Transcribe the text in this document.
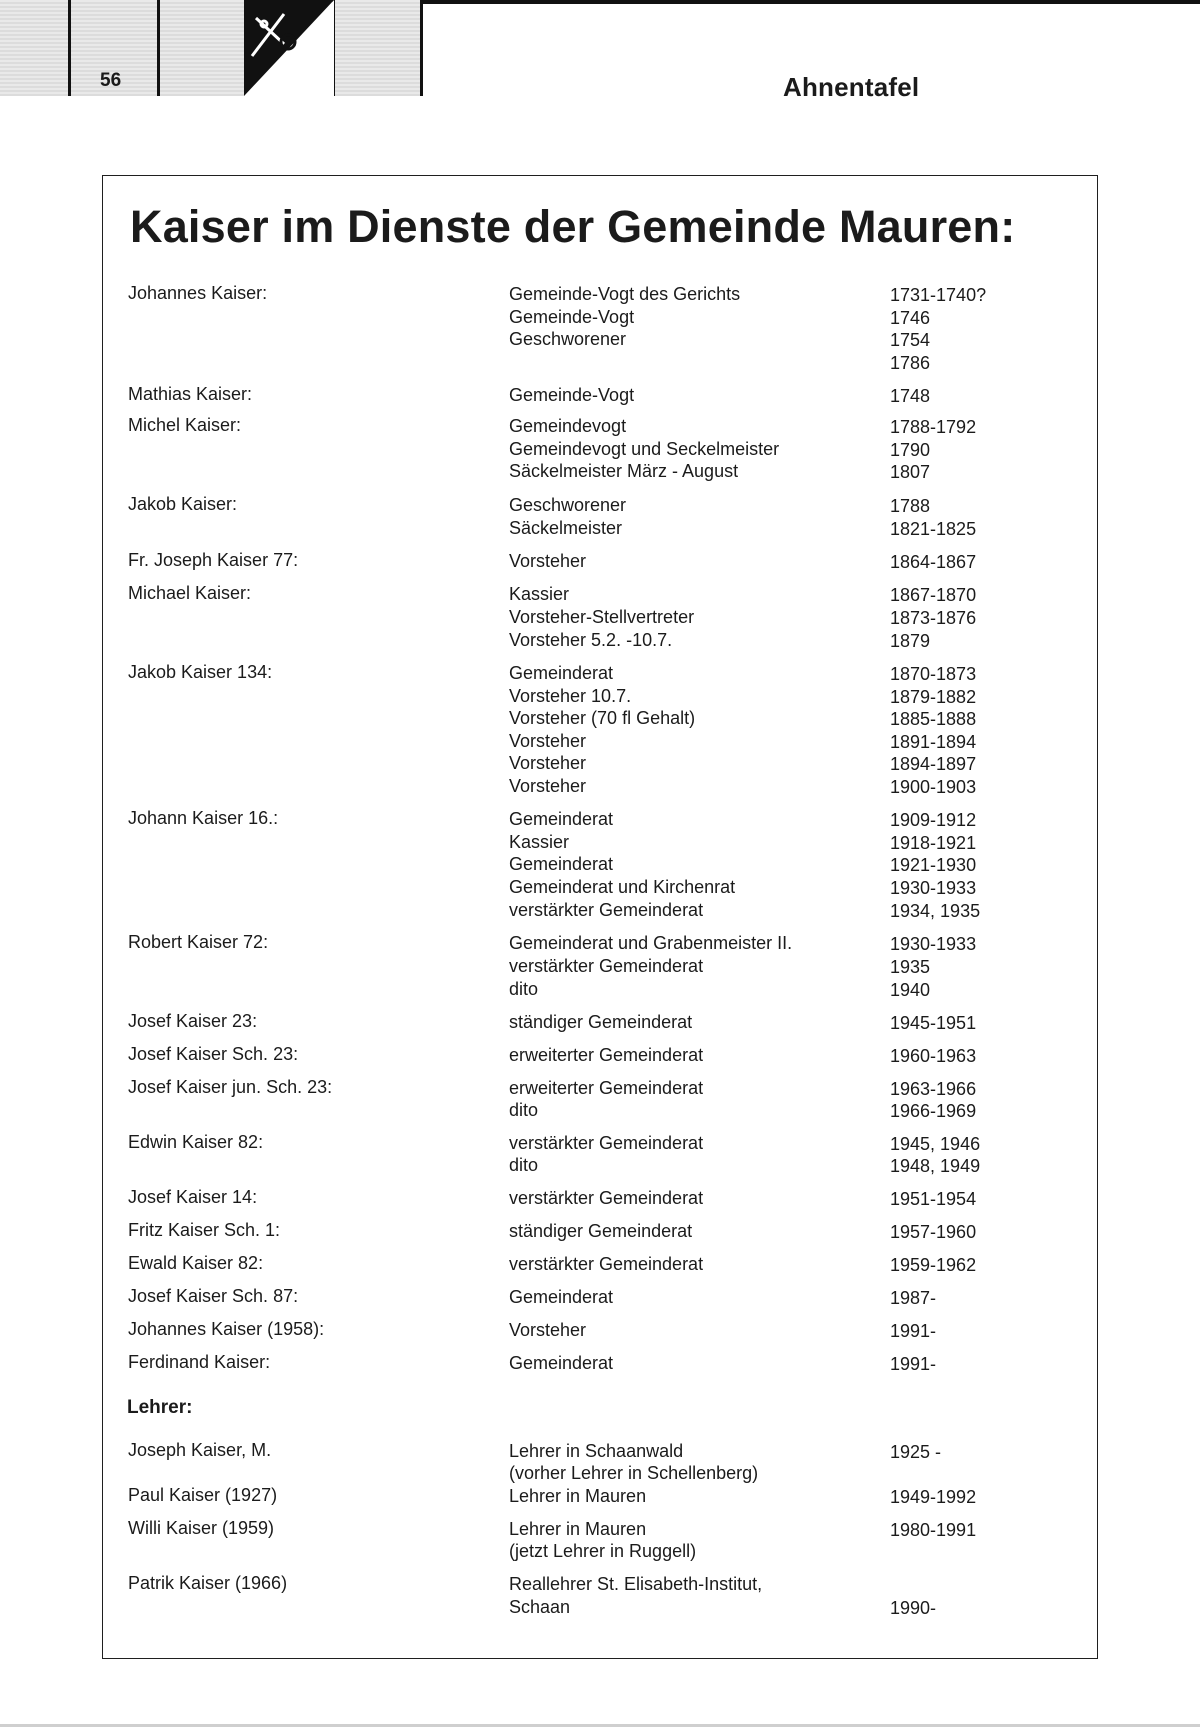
56	Ahnentafel
Kaiser im Dienste der Gemeinde Mauren:
Johannes Kaiser:	Gemeinde-Vogt des Gerichts	1731-1740?
Gemeinde-Vogt	1746
Geschworener	1754
1786
Mathias Kaiser:	Gemeinde-Vogt	1748
Michel Kaiser:	Gemeindevogt	1788-1792
Gemeindevogt und Seckelmeister	1790
Säckelmeister März - August	1807
Jakob Kaiser:	Geschworener	1788
Säckelmeister	1821-1825
Fr. Joseph Kaiser 77:	Vorsteher	1864-1867
Michael Kaiser:	Kassier	1867-1870
Vorsteher-Stellvertreter	1873-1876
Vorsteher 5.2. -10.7.	1879
Jakob Kaiser 134:	Gemeinderat	1870-1873
Vorsteher 10.7.	1879-1882
Vorsteher (70 fl Gehalt)	1885-1888
Vorsteher	1891-1894
Vorsteher	1894-1897
Vorsteher	1900-1903
Johann Kaiser 16.:	Gemeinderat	1909-1912
Kassier	1918-1921
Gemeinderat	1921-1930
Gemeinderat und Kirchenrat	1930-1933
verstärkter Gemeinderat	1934, 1935
Robert Kaiser 72:	Gemeinderat und Grabenmeister II.	1930-1933
verstärkter Gemeinderat	1935
dito	1940
Josef Kaiser 23:	ständiger Gemeinderat	1945-1951
Josef Kaiser Sch. 23:	erweiterter Gemeinderat	1960-1963
Josef Kaiser jun. Sch. 23:	erweiterter Gemeinderat	1963-1966
dito	1966-1969
Edwin Kaiser 82:	verstärkter Gemeinderat	1945, 1946
dito	1948, 1949
Josef Kaiser 14:	verstärkter Gemeinderat	1951-1954
Fritz Kaiser Sch. 1:	ständiger Gemeinderat	1957-1960
Ewald Kaiser 82:	verstärkter Gemeinderat	1959-1962
Josef Kaiser Sch. 87:	Gemeinderat	1987-
Johannes Kaiser (1958):	Vorsteher	1991-
Ferdinand Kaiser:	Gemeinderat	1991-
Joseph Kaiser, M.	Lehrer in Schaanwald	1925 -
(vorher Lehrer in Schellenberg)
Paul Kaiser (1927)	Lehrer in Mauren	1949-1992
Willi Kaiser (1959)	Lehrer in Mauren	1980-1991
(jetzt Lehrer in Ruggell)
Patrik Kaiser (1966)	Reallehrer St. Elisabeth-Institut,
Schaan	1990-
Lehrer:
